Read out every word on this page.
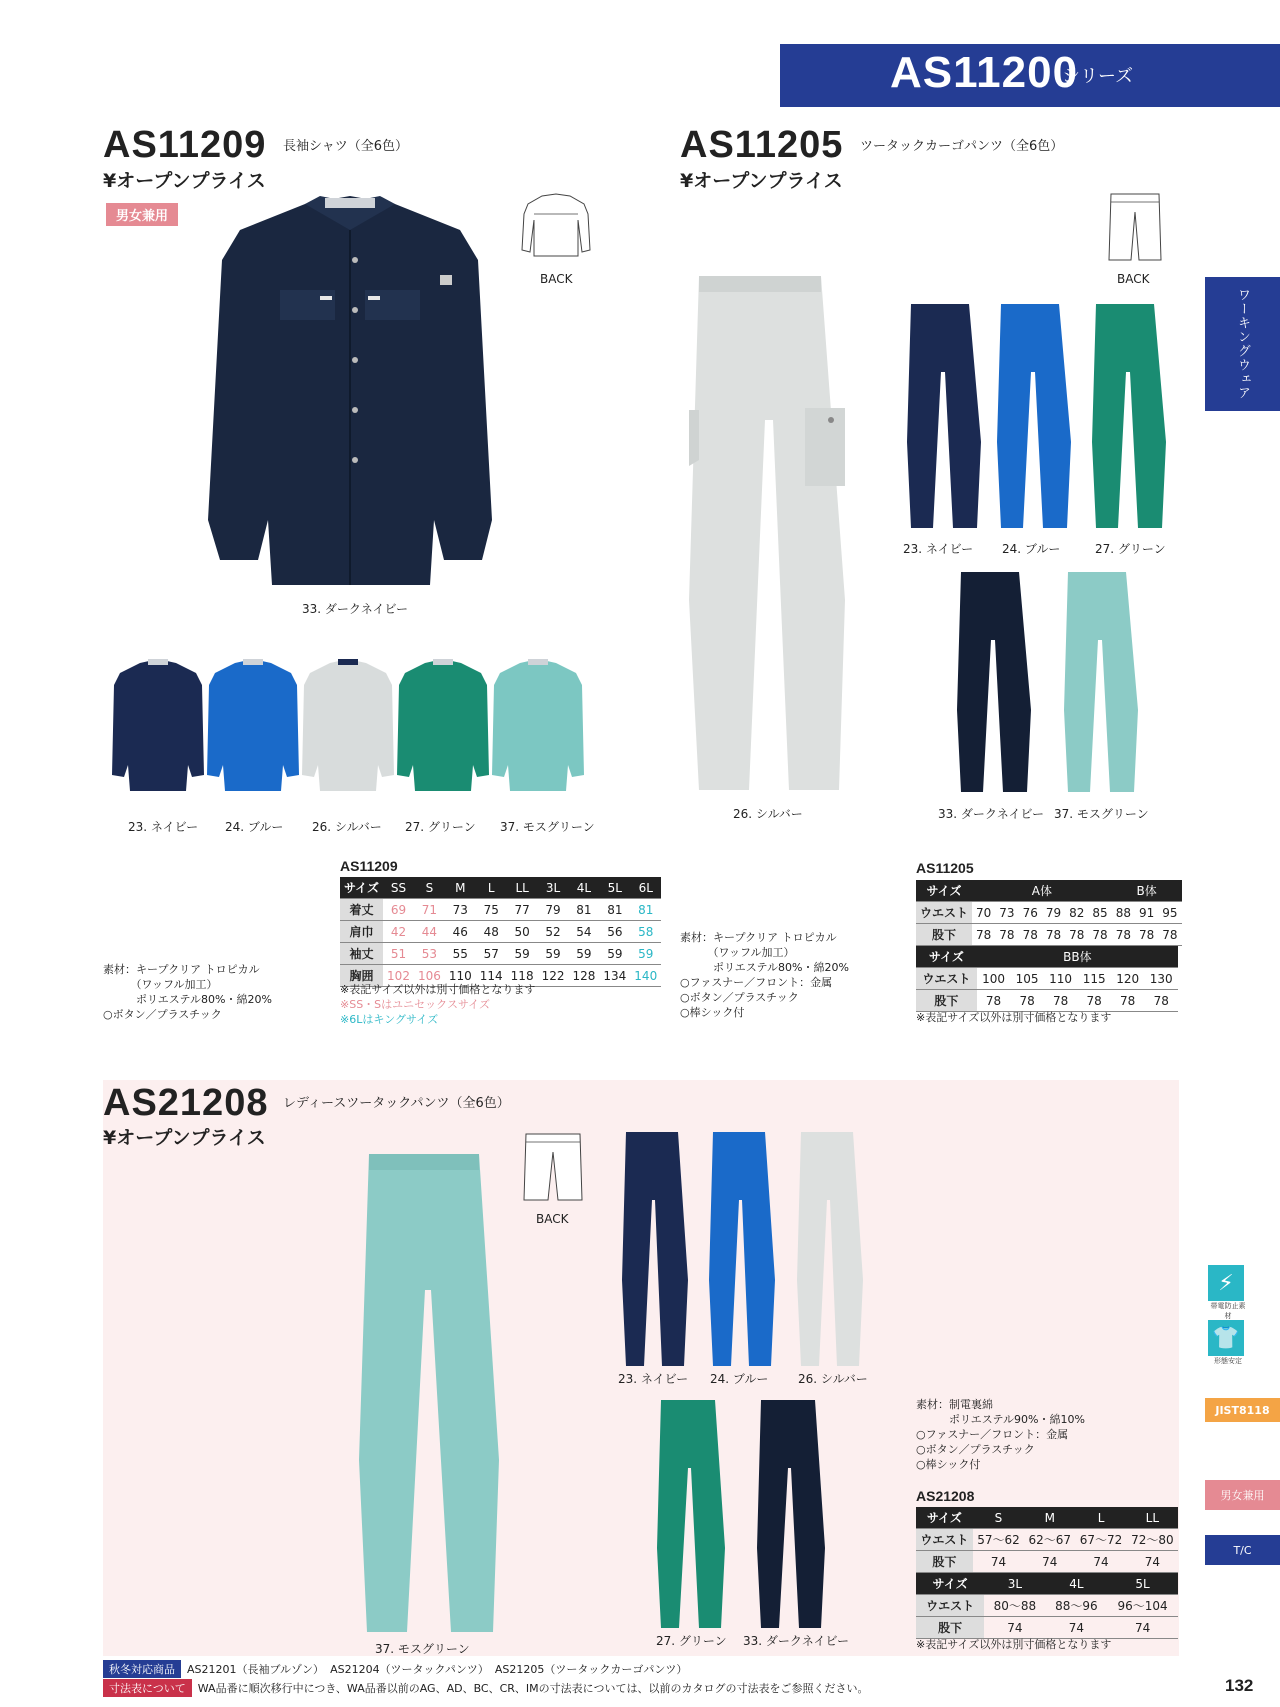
AS11200
シリーズ
ワーキングウェア
AS11209 長袖シャツ（全6色）
¥オープンプライス
男女兼用
33. ダークネイビー
BACK
23. ネイビー 24. ブルー 26. シルバー 27. グリーン 37. モスグリーン
素材：キープクリア トロピカル
　　　（ワッフル加工）
　　　ポリエステル80%・綿20%
○ボタン／プラスチック
AS11209
サイズ	SS	S	M	L	LL	3L	4L	5L	6L
着丈	69	71	73	75	77	79	81	81	81
肩巾	42	44	46	48	50	52	54	56	58
袖丈	51	53	55	57	59	59	59	59	59
胸囲	102	106	110	114	118	122	128	134	140
※表記サイズ以外は別寸価格となります
※SS・Sはユニセックスサイズ
※6Lはキングサイズ
AS11205 ツータックカーゴパンツ（全6色）
¥オープンプライス
BACK
26. シルバー
23. ネイビー 24. ブルー	27. グリーン
33. ダークネイビー 37. モスグリーン
素材：キープクリア トロピカル
　　　（ワッフル加工）
　　　ポリエステル80%・綿20%
○ファスナー／フロント：金属
○ボタン／プラスチック
○棒シック付
AS11205
サイズ	A体						B体		
ウエスト	70	73	76	79	82	85	88	91	95
股下	78	78	78	78	78	78	78	78	78
サイズ	BB体					
ウエスト	100	105	110	115	120	130
股下	78	78	78	78	78	78
※表記サイズ以外は別寸価格となります
AS21208 レディースツータックパンツ（全6色）
¥オープンプライス
BACK
37. モスグリーン
23. ネイビー 24. ブルー 26. シルバー
27. グリーン 33. ダークネイビー
素材：制電裏綿
　　　ポリエステル90%・綿10%
○ファスナー／フロント：金属
○ボタン／プラスチック
○棒シック付
AS21208
サイズ	S	M	L	LL
ウエスト	57〜62	62〜67	67〜72	72〜80
股下	74	74	74	74
サイズ	3L	4L	5L
ウエスト	80〜88	88〜96	96〜104
股下	74	74	74
※表記サイズ以外は別寸価格となります
⚡
帯電防止素材
👕
形態安定
JIST8118
男女兼用
T/C
秋冬対応商品	AS21201（長袖ブルゾン） AS21204（ツータックパンツ） AS21205（ツータックカーゴパンツ）
寸法表について	WA品番に順次移行中につき、WA品番以前のAG、AD、BC、CR、IMの寸法表については、以前のカタログの寸法表をご参照ください。	132
